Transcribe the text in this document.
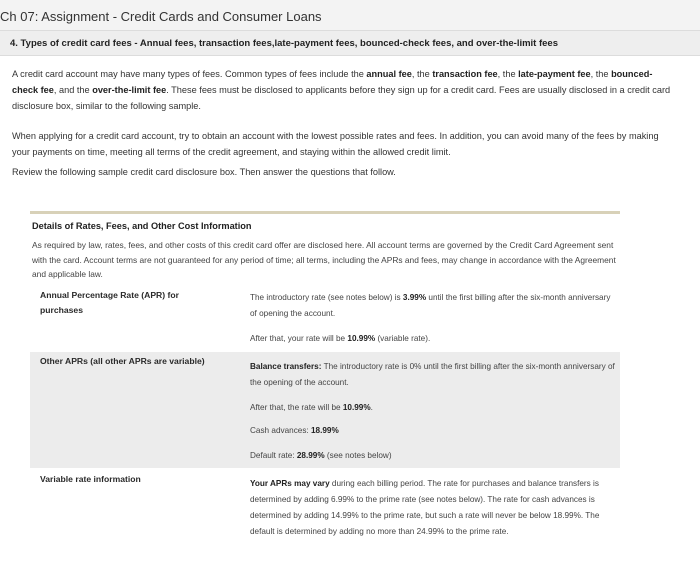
Ch 07: Assignment - Credit Cards and Consumer Loans
4. Types of credit card fees - Annual fees, transaction fees,late-payment fees, bounced-check fees, and over-the-limit fees
A credit card account may have many types of fees. Common types of fees include the annual fee, the transaction fee, the late-payment fee, the bounced-check fee, and the over-the-limit fee. These fees must be disclosed to applicants before they sign up for a credit card. Fees are usually disclosed in a credit card disclosure box, similar to the following sample.
When applying for a credit card account, try to obtain an account with the lowest possible rates and fees. In addition, you can avoid many of the fees by making your payments on time, meeting all terms of the credit agreement, and staying within the allowed credit limit.
Review the following sample credit card disclosure box. Then answer the questions that follow.
Details of Rates, Fees, and Other Cost Information
As required by law, rates, fees, and other costs of this credit card offer are disclosed here. All account terms are governed by the Credit Card Agreement sent with the card. Account terms are not guaranteed for any period of time; all terms, including the APRs and fees, may change in accordance with the Agreement and applicable law.
Annual Percentage Rate (APR) for
purchases
The introductory rate (see notes below) is 3.99% until the first billing after the six-month anniversary of opening the account.
After that, your rate will be 10.99% (variable rate).
Other APRs (all other APRs are variable)
Balance transfers: The introductory rate is 0% until the first billing after the six-month anniversary of the opening of the account.
After that, the rate will be 10.99%.
Cash advances: 18.99%
Default rate: 28.99% (see notes below)
Variable rate information	Your APRs may vary during each billing period. The rate for purchases and balance transfers is determined by adding 6.99% to the prime rate (see notes below). The rate for cash advances is determined by adding 14.99% to the prime rate, but such a rate will never be below 18.99%. The default is determined by adding no more than 24.99% to the prime rate.
